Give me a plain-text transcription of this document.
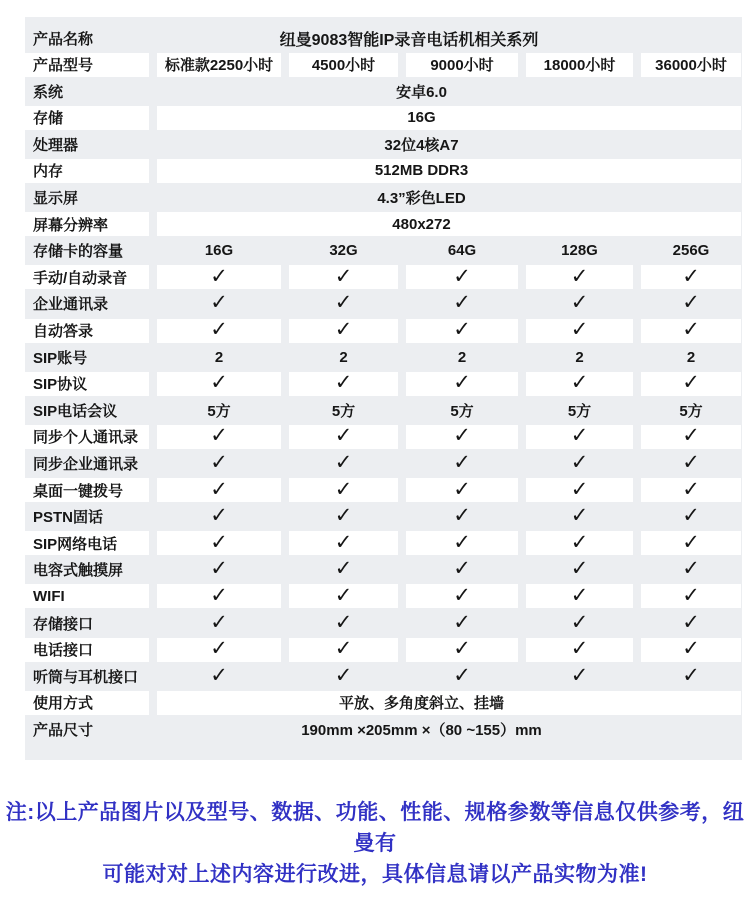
产品名称	纽曼9083智能IP录音电话机相关系列
产品型号	标准款2250小时	4500小时	9000小时	18000小时	36000小时
系统	安卓6.0
存储	16G
处理器	32位4核A7
内存	512MB DDR3
显示屏	4.3”彩色LED
屏幕分辨率	480x272
存储卡的容量	16G	32G	64G	128G	256G
手动/自动录音	✓	✓	✓	✓	✓
企业通讯录	✓	✓	✓	✓	✓
自动答录	✓	✓	✓	✓	✓
SIP账号	2	2	2	2	2
SIP协议	✓	✓	✓	✓	✓
SIP电话会议	5方	5方	5方	5方	5方
同步个人通讯录	✓	✓	✓	✓	✓
同步企业通讯录	✓	✓	✓	✓	✓
桌面一键拨号	✓	✓	✓	✓	✓
PSTN固话	✓	✓	✓	✓	✓
SIP网络电话	✓	✓	✓	✓	✓
电容式触摸屏	✓	✓	✓	✓	✓
WIFI	✓	✓	✓	✓	✓
存储接口	✓	✓	✓	✓	✓
电话接口	✓	✓	✓	✓	✓
听筒与耳机接口	✓	✓	✓	✓	✓
使用方式	平放、多角度斜立、挂墙
产品尺寸	190mm ×205mm ×（80 ~155）mm
注:以上产品图片以及型号、数据、功能、性能、规格参数等信息仅供参考，纽曼有
可能对对上述内容进行改进，具体信息请以产品实物为准!
